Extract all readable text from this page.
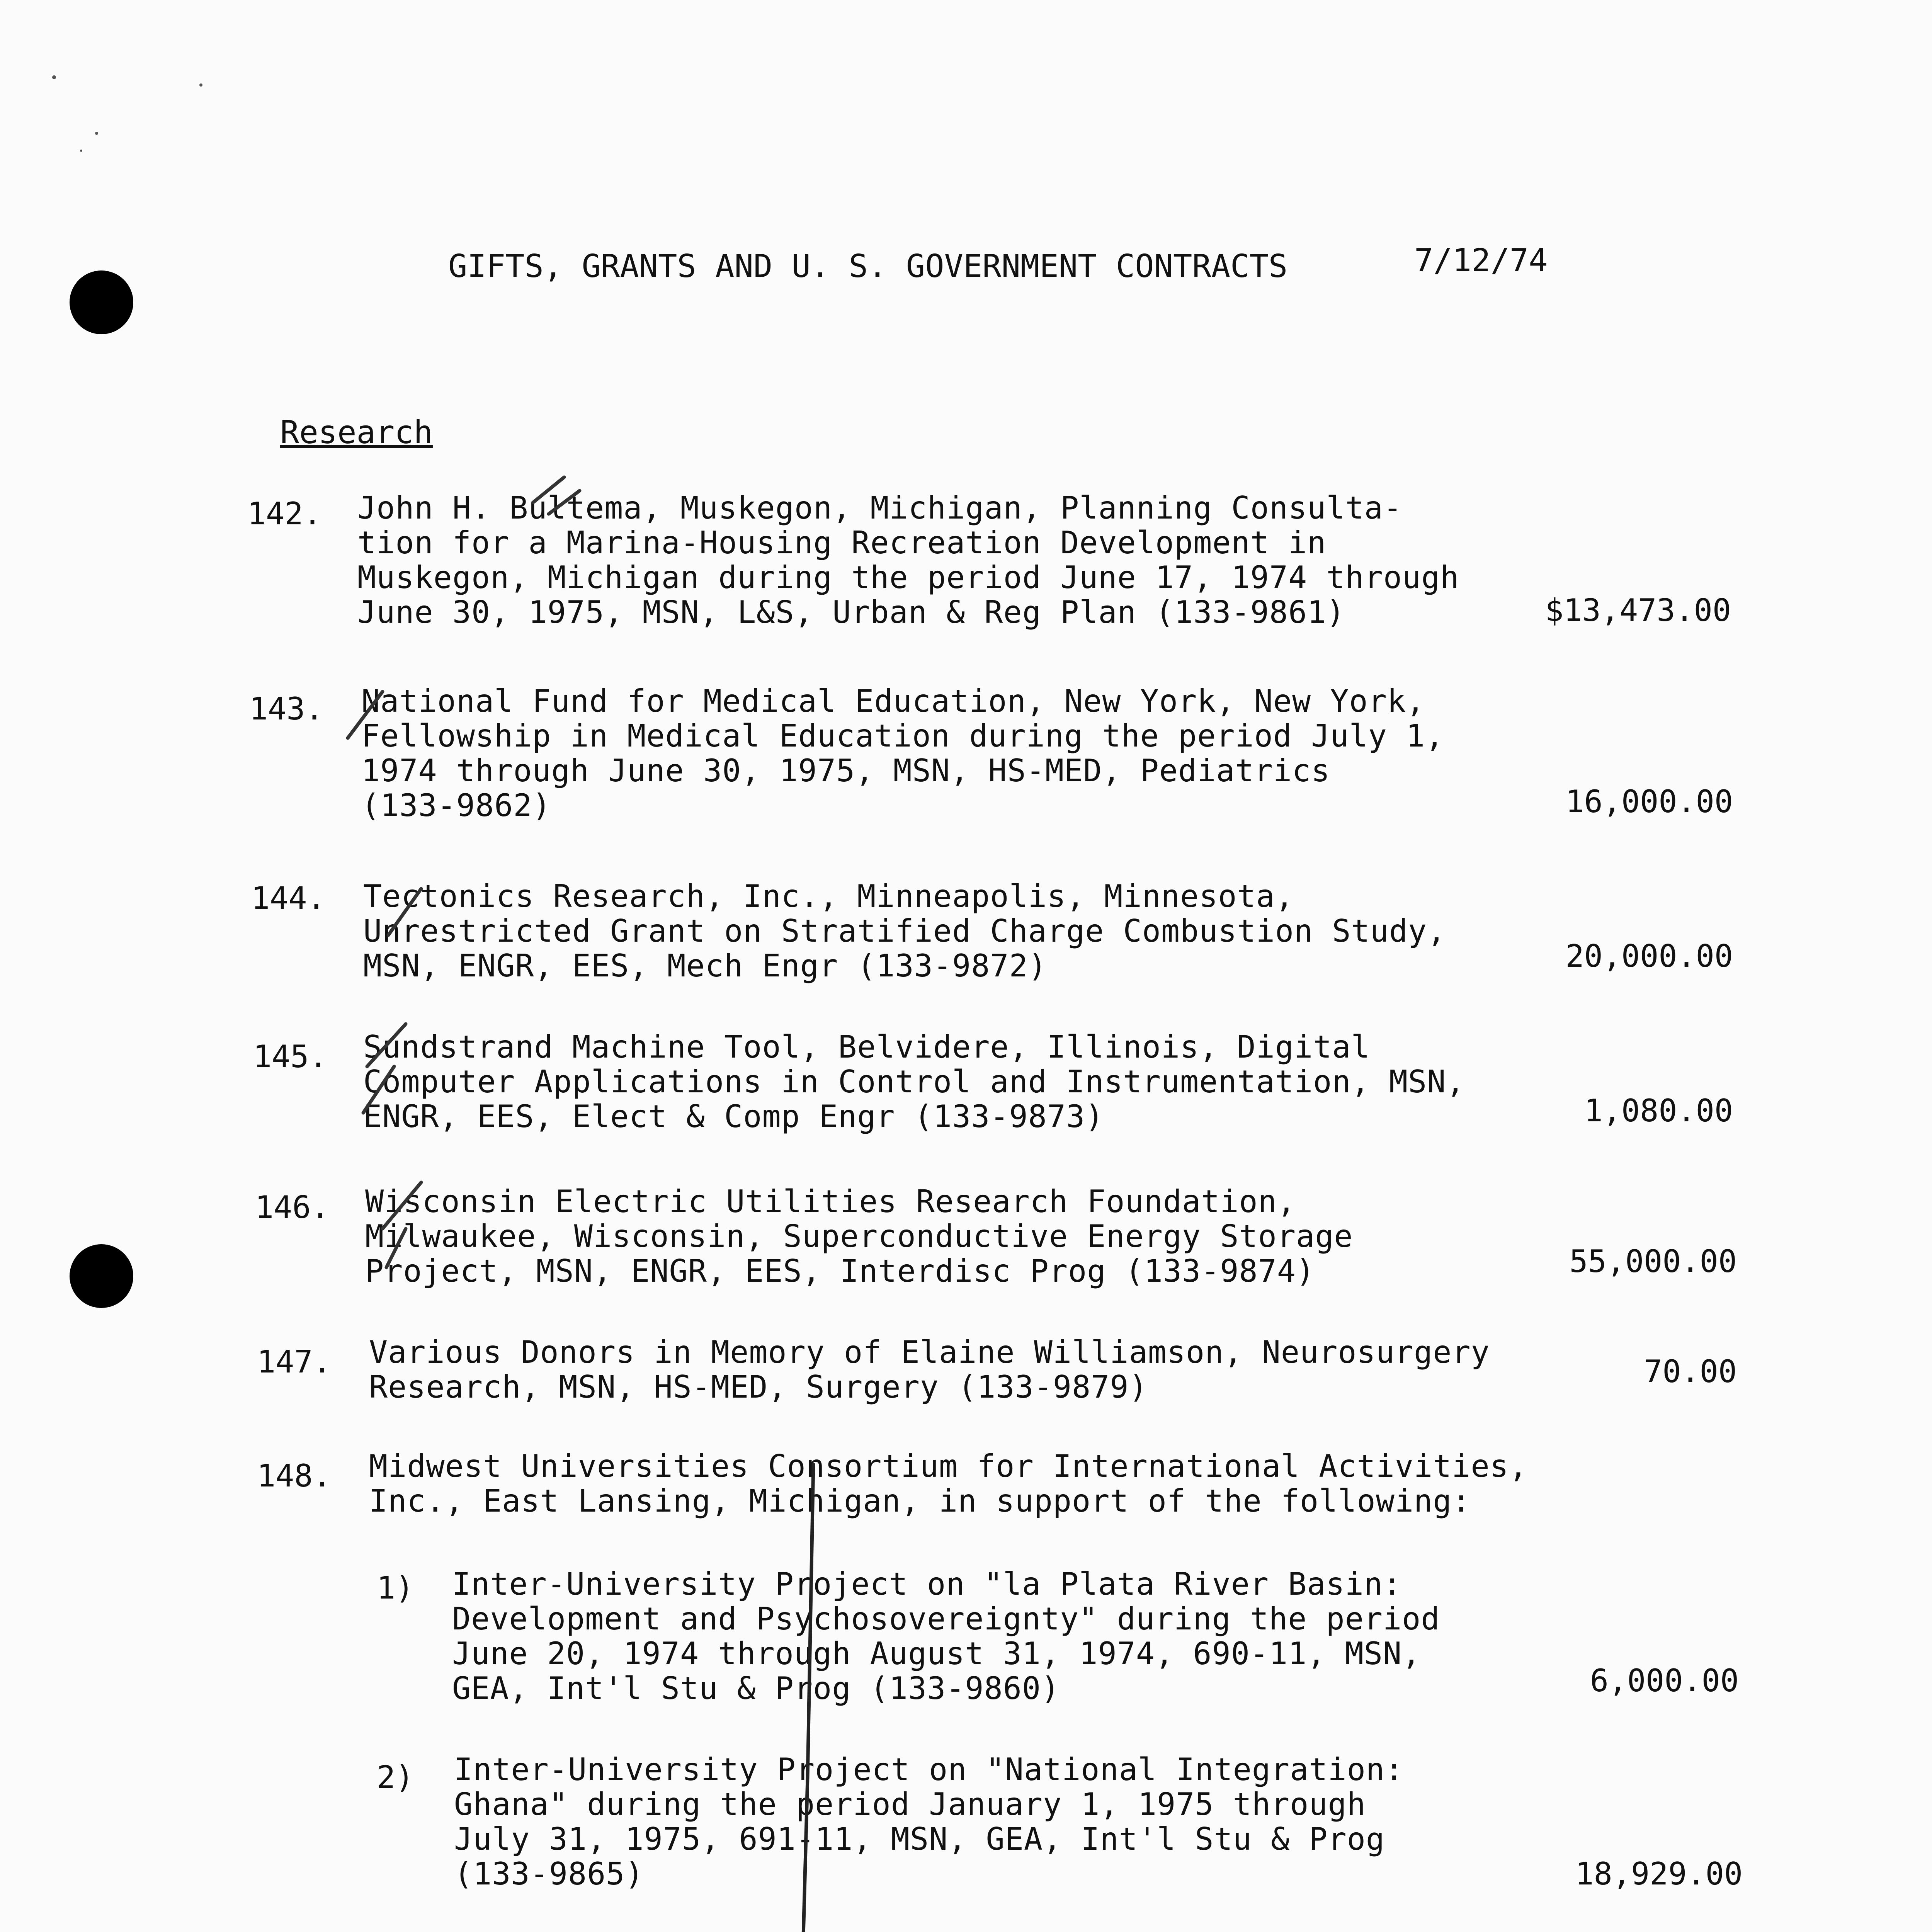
GIFTS, GRANTS AND U. S. GOVERNMENT CONTRACTS	7/12/74
Research
142. John H. Bultema, Muskegon, Michigan, Planning Consulta-
tion for a Marina-Housing Recreation Development in
Muskegon, Michigan during the period June 17, 1974 through
June 30, 1975, MSN, L&S, Urban & Reg Plan (133-9861)	$13,473.00
143. National Fund for Medical Education, New York, New York,
Fellowship in Medical Education during the period July 1,
1974 through June 30, 1975, MSN, HS-MED, Pediatrics
(133-9862)	16,000.00
144. Tectonics Research, Inc., Minneapolis, Minnesota,
Unrestricted Grant on Stratified Charge Combustion Study,
MSN, ENGR, EES, Mech Engr (133-9872)	20,000.00
145. Sundstrand Machine Tool, Belvidere, Illinois, Digital
Computer Applications in Control and Instrumentation, MSN,
ENGR, EES, Elect & Comp Engr (133-9873)	1,080.00
146. Wisconsin Electric Utilities Research Foundation,
Milwaukee, Wisconsin, Superconductive Energy Storage
Project, MSN, ENGR, EES, Interdisc Prog (133-9874)	55,000.00
147. Various Donors in Memory of Elaine Williamson, Neurosurgery
Research, MSN, HS-MED, Surgery (133-9879)	70.00
148. Midwest Universities Consortium for International Activities,
Inc., East Lansing, Michigan, in support of the following:
1) Inter-University Project on "la Plata River Basin:
Development and Psychosovereignty" during the period
June 20, 1974 through August 31, 1974, 690-11, MSN,
GEA, Int'l Stu & Prog (133-9860)	6,000.00
2) Inter-University Project on "National Integration:
Ghana" during the period January 1, 1975 through
July 31, 1975, 691-11, MSN, GEA, Int'l Stu & Prog
(133-9865)	18,929.00
